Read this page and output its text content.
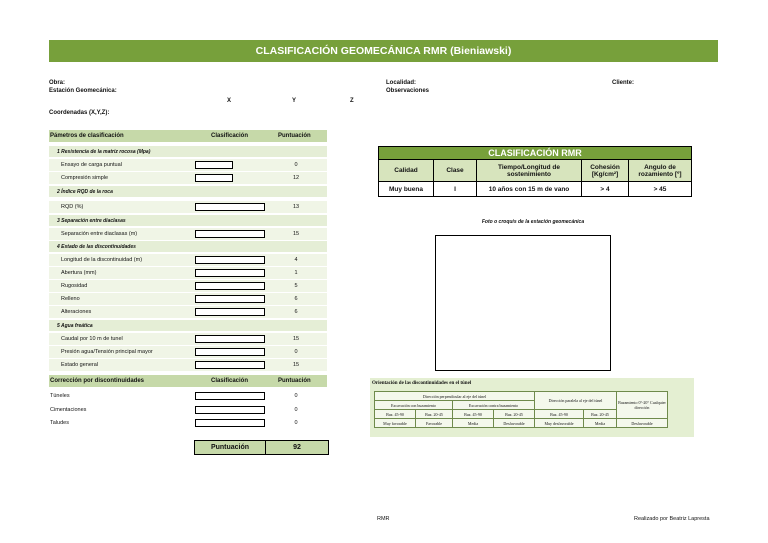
CLASIFICACIÓN GEOMECÁNICA RMR (Bieniawski)
Obra:
Estación Geomecánica:
Localidad:
Observaciones
Cliente:
X	Y	Z
Coordenadas (X,Y,Z):
Pámetros de clasificación	Clasificación	Puntuación
1 Resistencia de la matriz rocosa (Mpa)
Ensayo de carga puntual	0
Compresión simple	12
2 Índice RQD de la roca
RQD (%)	13
3 Separación entre diaclasas
Separación entre diaclasas (m)	15
4 Estado de las discontinuidades
Longitud de la discontinuidad (m)	4
Abertura (mm)	1
Rugosidad	5
Relleno	6
Alteraciones	6
5 Agua freática
Caudal por 10 m de tunel	15
Presión agua/Tensión principal mayor	0
Estado general	15
Corrección por discontinuidades	Clasificación	Puntuación
Túneles	0
Cimentaciones	0
Taludes	0
Puntuación	92
CLASIFICACIÓN RMR				
Calidad	Clase	Tiempo/Longitud de sostenimiento	Cohesión [Kg/cm²]	Angulo de rozamiento [º]
Muy buena	I	10 años con 15 m de vano	> 4	> 45
Foto o croquis de la estación geomecánica
Orientación de las discontinuidades en el túnel
Dirección perpendicular al eje del túnel				Dirección paralela al eje del túnel		Buzamiento 0°-20° Cualquier dirección
Excavación con buzamiento		Excavación contra buzamiento				
Buz. 45-90	Buz. 20-45	Buz. 45-90	Buz. 20-45	Buz. 45-90	Buz. 20-45	
Muy favorable	Favorable	Media	Desfavorable	Muy desfavorable	Media	Desfavorable
RMR	Realizado por Beatriz Lapresta
